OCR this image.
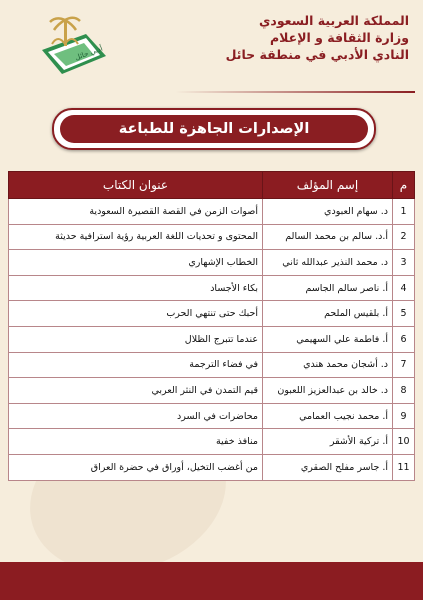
أدبي حائل
المملكة العربية السعودي
وزارة الثقافة و الإعلام
النادي الأدبي في منطقة حائل
الإصدارات الجاهزة للطباعة
م	إسم المؤلف	عنوان الكتاب
1	د. سهام العبودي	أصوات الزمن في القصة القصيرة السعودية
2	أ.د. سالم بن محمد السالم	المحتوى و تحديات اللغة العربية رؤية استرافية حديثة
3	د. محمد النذير عبدالله ثاني	الخطاب الإشهاري
4	أ. ناصر سالم الجاسم	بكاء الأجساد
5	أ. بلقيس الملحم	أحبك حتى تنتهي الحرب
6	أ. فاطمة علي السهيمي	عندما تتبرج الظلال
7	د. أشجان محمد هندي	في فضاء الترجمة
8	د. خالد بن عبدالعزيز اللعبون	قيم التمدن في النثر العربي
9	أ. محمد نجيب العمامي	محاضرات في السرد
10	أ. تركية الأشقر	منافذ خفية
11	أ. جاسر مفلح الصقري	من أغضب التخيل، أوراق في حضرة العراق
